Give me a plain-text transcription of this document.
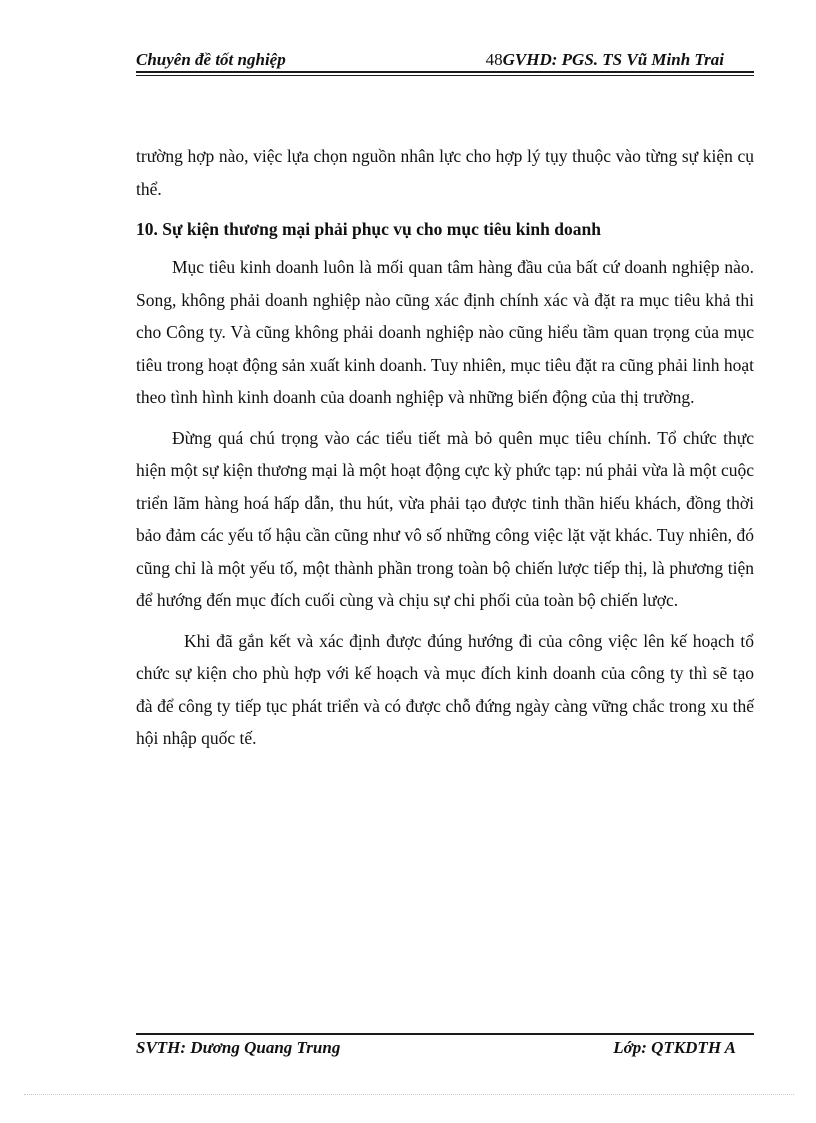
Chuyên đề tốt nghiệp	48GVHD: PGS. TS Vũ Minh Trai

trường hợp nào, việc lựa chọn nguồn nhân lực cho hợp lý tụy thuộc vào từng sự kiện cụ thể.

10. Sự kiện thương mại phải phục vụ cho mục tiêu kinh doanh

Mục tiêu kinh doanh luôn là mối quan tâm hàng đầu của bất cứ doanh nghiệp nào. Song, không phải doanh nghiệp nào cũng xác định chính xác và đặt ra mục tiêu khả thi cho Công ty. Và cũng không phải doanh nghiệp nào cũng hiểu tầm quan trọng của mục tiêu trong hoạt động sản xuất kinh doanh. Tuy nhiên, mục tiêu đặt ra cũng phải linh hoạt theo tình hình kinh doanh của doanh nghiệp và những biến động của thị trường.

Đừng quá chú trọng vào các tiểu tiết mà bỏ quên mục tiêu chính. Tổ chức thực hiện một sự kiện thương mại là một hoạt động cực kỳ phức tạp: nú phải vừa là một cuộc triển lãm hàng hoá hấp dẫn, thu hút, vừa phải tạo được tinh thần hiếu khách, đồng thời bảo đảm các yếu tố hậu cần cũng như vô số những công việc lặt vặt khác. Tuy nhiên, đó cũng chỉ là một yếu tố, một thành phần trong toàn bộ chiến lược tiếp thị, là phương tiện để hướng đến mục đích cuối cùng và chịu sự chi phối của toàn bộ chiến lược.

Khi đã gắn kết và xác định được đúng hướng đi của công việc lên kế hoạch tổ chức sự kiện cho phù hợp với kế hoạch và mục đích kinh doanh của công ty thì sẽ tạo đà để công ty tiếp tục phát triển và có được chỗ đứng ngày càng vững chắc trong xu thế hội nhập quốc tế.

SVTH: Dương Quang Trung	Lớp: QTKDTH A
